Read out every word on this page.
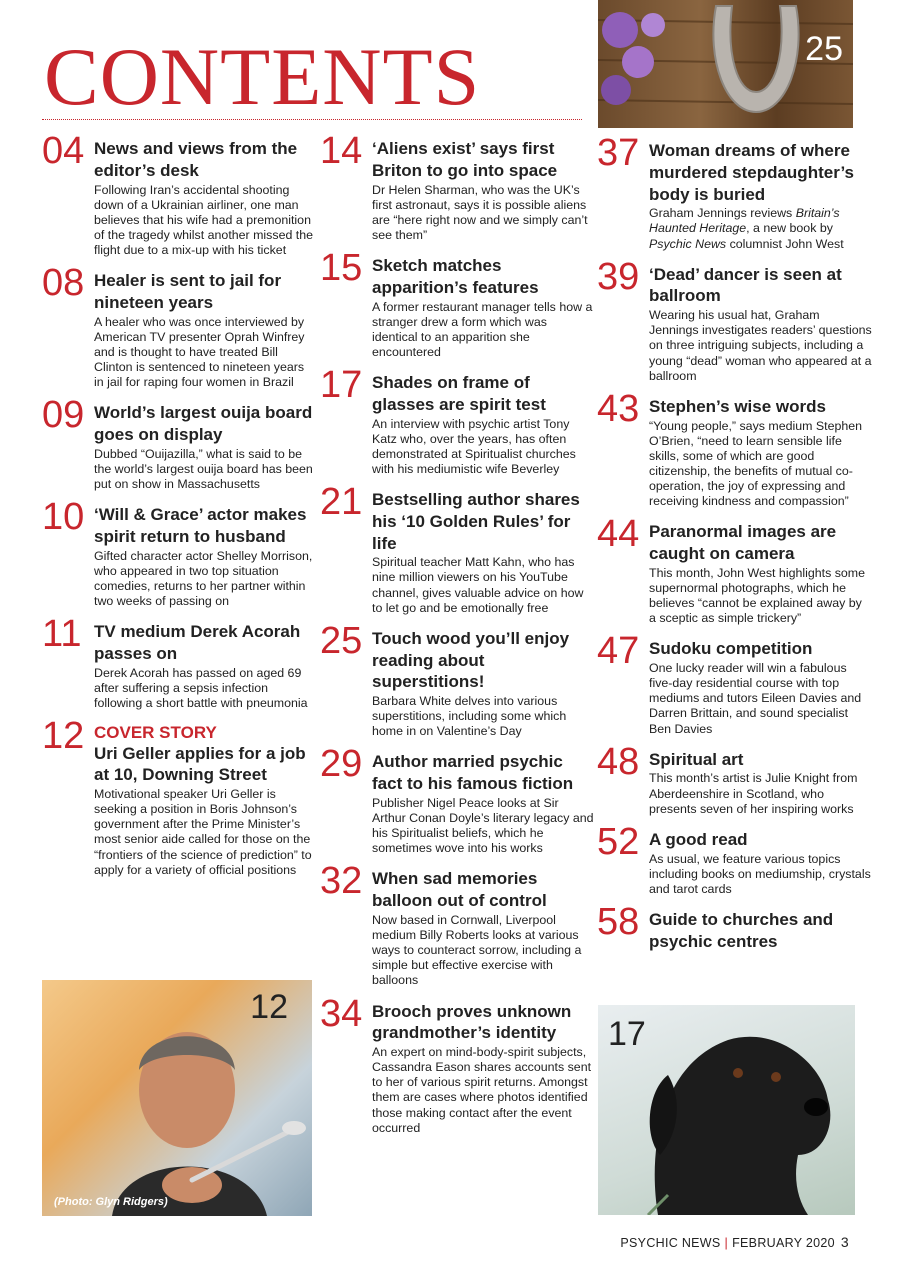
CONTENTS
04 News and views from the editor’s desk
Following Iran’s accidental shooting down of a Ukrainian airliner, one man believes that his wife had a premonition of the tragedy whilst another missed the flight due to a mix-up with his ticket
08 Healer is sent to jail for nineteen years
A healer who was once interviewed by American TV presenter Oprah Winfrey and is thought to have treated Bill Clinton is sentenced to nineteen years in jail for raping four women in Brazil
09 World’s largest ouija board goes on display
Dubbed “Ouijazilla,” what is said to be the world’s largest ouija board has been put on show in Massachusetts
10 ‘Will & Grace’ actor makes spirit return to husband
Gifted character actor Shelley Morrison, who appeared in two top situation comedies, returns to her partner within two weeks of passing on
11 TV medium Derek Acorah passes on
Derek Acorah has passed on aged 69 after suffering a sepsis infection following a short battle with pneumonia
12 COVER STORY
Uri Geller applies for a job at 10, Downing Street
Motivational speaker Uri Geller is seeking a position in Boris Johnson’s government after the Prime Minister’s most senior aide called for those on the “frontiers of the science of prediction” to apply for a variety of official positions
14 ‘Aliens exist’ says first Briton to go into space
Dr Helen Sharman, who was the UK’s first astronaut, says it is possible aliens are “here right now and we simply can’t see them”
15 Sketch matches apparition’s features
A former restaurant manager tells how a stranger drew a form which was identical to an apparition she encountered
17 Shades on frame of glasses are spirit test
An interview with psychic artist Tony Katz who, over the years, has often demonstrated at Spiritualist churches with his mediumistic wife Beverley
21 Bestselling author shares his ‘10 Golden Rules’ for life
Spiritual teacher Matt Kahn, who has nine million viewers on his YouTube channel, gives valuable advice on how to let go and be emotionally free
25 Touch wood you’ll enjoy reading about superstitions!
Barbara White delves into various superstitions, including some which home in on Valentine’s Day
29 Author married psychic fact to his famous fiction
Publisher Nigel Peace looks at Sir Arthur Conan Doyle’s literary legacy and his Spiritualist beliefs, which he sometimes wove into his works
32 When sad memories balloon out of control
Now based in Cornwall, Liverpool medium Billy Roberts looks at various ways to counteract sorrow, including a simple but effective exercise with balloons
34 Brooch proves unknown grandmother’s identity
An expert on mind-body-spirit subjects, Cassandra Eason shares accounts sent to her of various spirit returns. Amongst them are cases where photos identified those making contact after the event occurred
37 Woman dreams of where murdered stepdaughter’s body is buried
Graham Jennings reviews Britain’s Haunted Heritage, a new book by Psychic News columnist John West
39 ‘Dead’ dancer is seen at ballroom
Wearing his usual hat, Graham Jennings investigates readers’ questions on three intriguing subjects, including a young “dead” woman who appeared at a ballroom
43 Stephen’s wise words
“Young people,” says medium Stephen O’Brien, “need to learn sensible life skills, some of which are good citizenship, the benefits of mutual co-operation, the joy of expressing and receiving kindness and compassion”
44 Paranormal images are caught on camera
This month, John West highlights some supernormal photographs, which he believes “cannot be explained away by a sceptic as simple trickery”
47 Sudoku competition
One lucky reader will win a fabulous five-day residential course with top mediums and tutors Eileen Davies and Darren Brittain, and sound specialist Ben Davies
48 Spiritual art
This month’s artist is Julie Knight from Aberdeenshire in Scotland, who presents seven of her inspiring works
52 A good read
As usual, we feature various topics including books on mediumship, crystals and tarot cards
58 Guide to churches and psychic centres
25
12
(Photo: Glyn Ridgers)
17
PSYCHIC NEWS | FEBRUARY 2020 3
